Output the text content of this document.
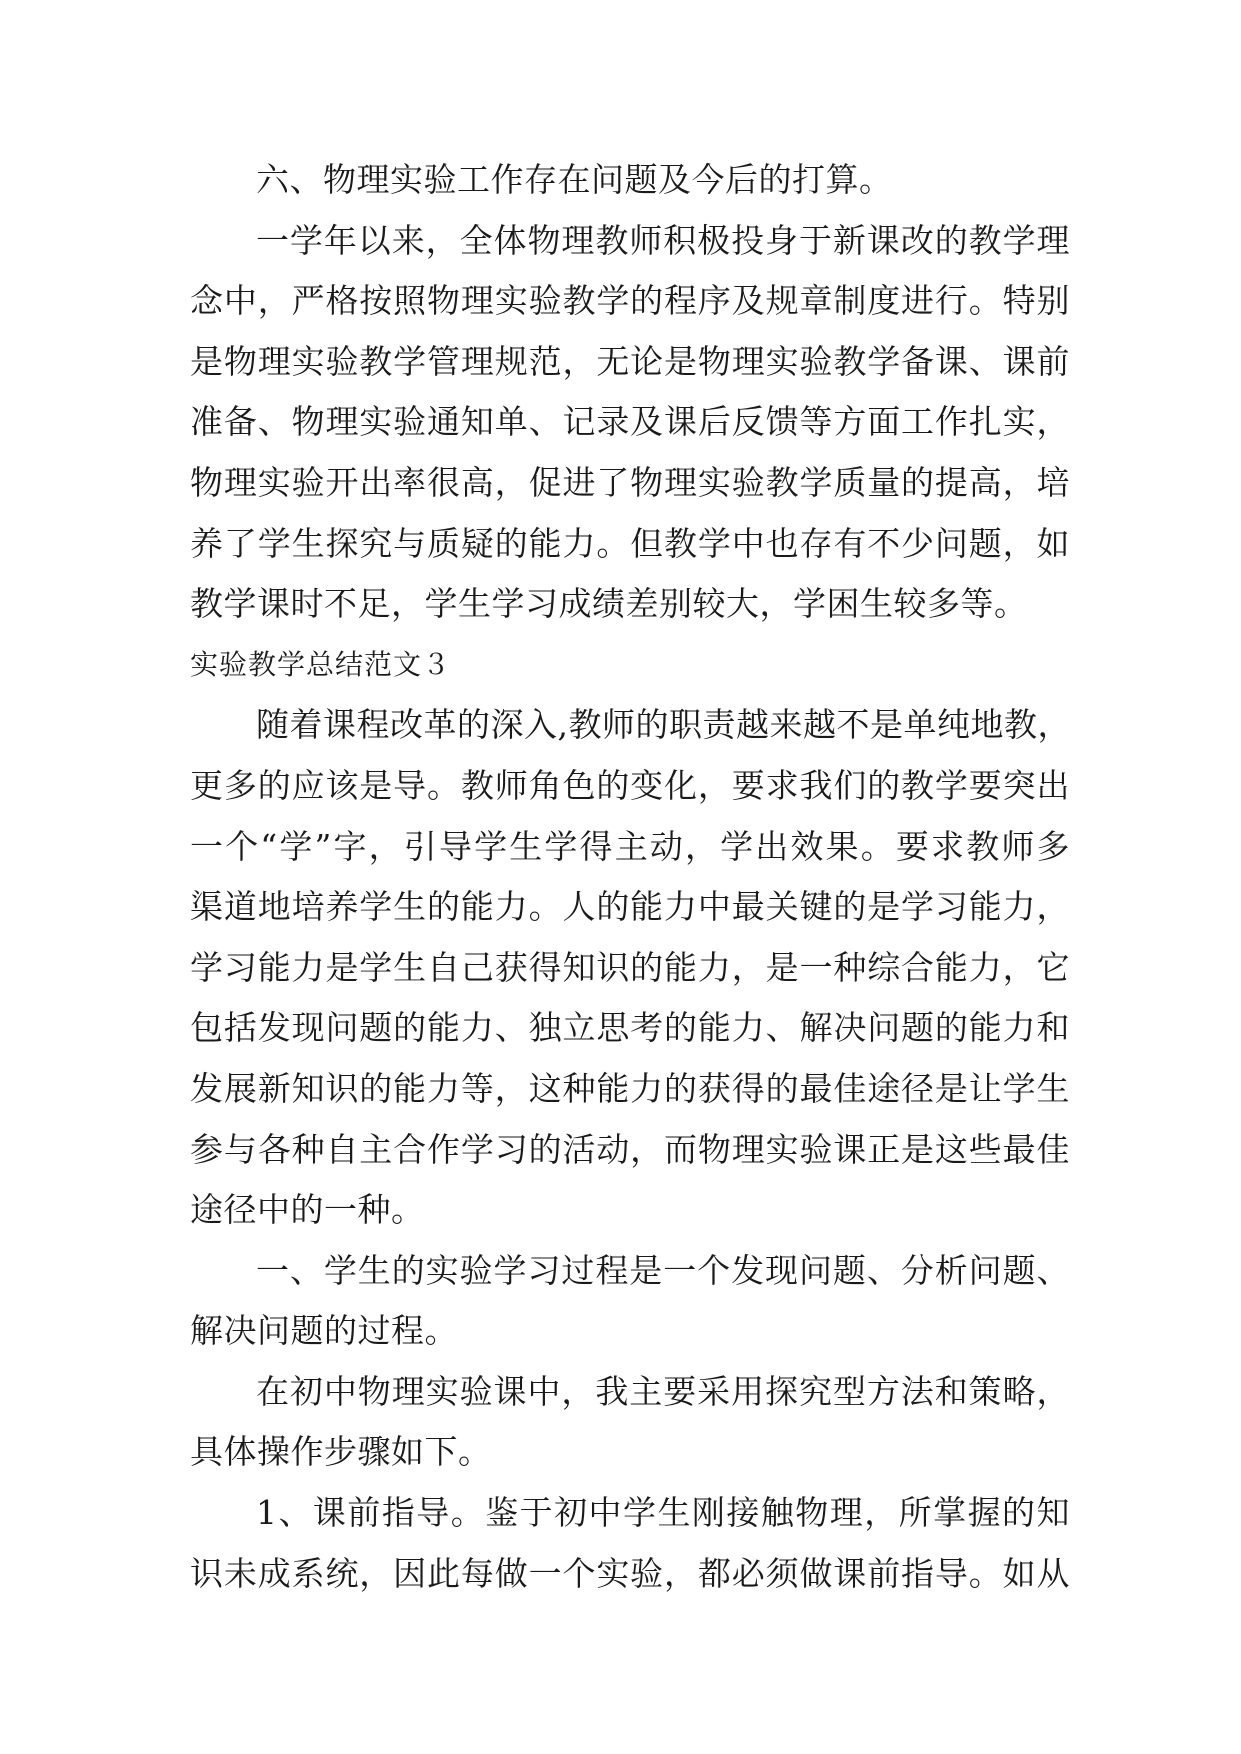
六、物理实验工作存在问题及今后的打算。
一学年以来，全体物理教师积极投身于新课改的教学理
念中，严格按照物理实验教学的程序及规章制度进行。特别
是物理实验教学管理规范，无论是物理实验教学备课、课前
准备、物理实验通知单、记录及课后反馈等方面工作扎实，
物理实验开出率很高，促进了物理实验教学质量的提高，培
养了学生探究与质疑的能力。但教学中也存有不少问题，如
教学课时不足，学生学习成绩差别较大，学困生较多等。
实验教学总结范文３
随着课程改革的深入,教师的职责越来越不是单纯地教，
更多的应该是导。教师角色的变化，要求我们的教学要突出
一个“学”字，引导学生学得主动，学出效果。要求教师多
渠道地培养学生的能力。人的能力中最关键的是学习能力，
学习能力是学生自己获得知识的能力，是一种综合能力，它
包括发现问题的能力、独立思考的能力、解决问题的能力和
发展新知识的能力等，这种能力的获得的最佳途径是让学生
参与各种自主合作学习的活动，而物理实验课正是这些最佳
途径中的一种。
一、学生的实验学习过程是一个发现问题、分析问题、
解决问题的过程。
在初中物理实验课中，我主要采用探究型方法和策略，
具体操作步骤如下。
1、课前指导。鉴于初中学生刚接触物理，所掌握的知
识未成系统，因此每做一个实验，都必须做课前指导。如从
